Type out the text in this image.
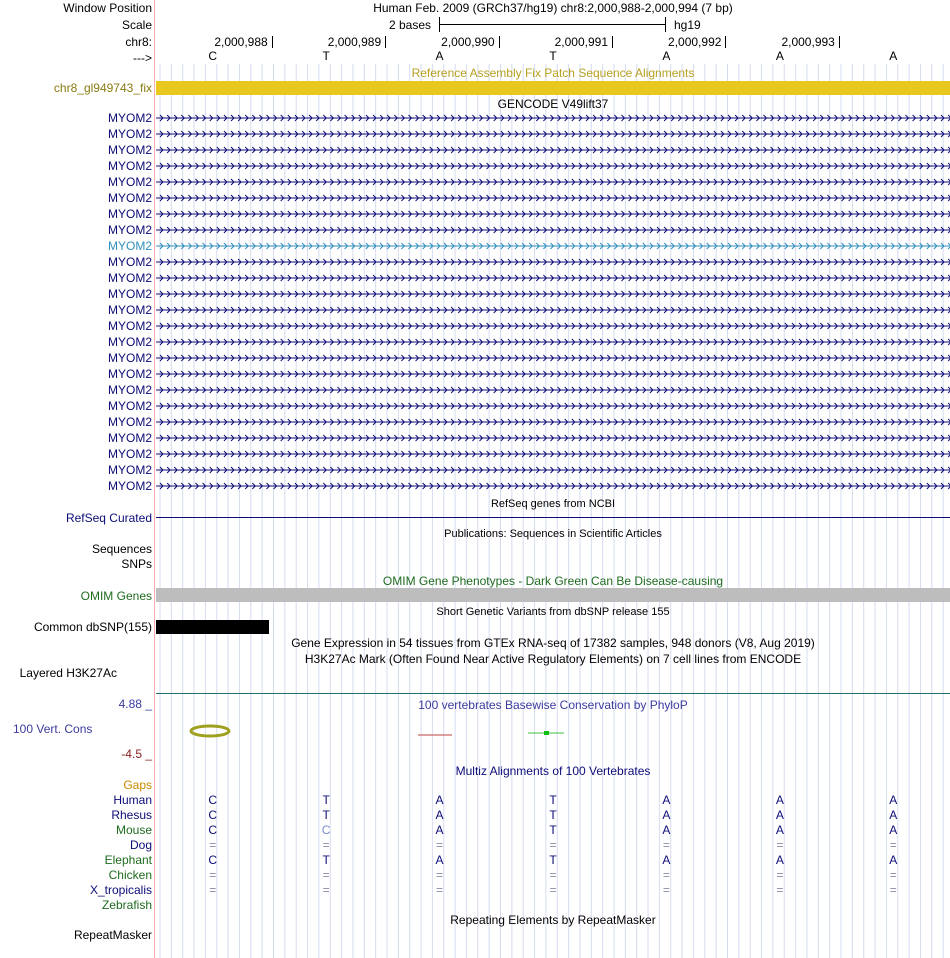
Window Position	Human Feb. 2009 (GRCh37/hg19) chr8:2,000,988-2,000,994 (7 bp)
Scale	2 bases	hg19
chr8:
--->
2,000,988	2,000,989	2,000,990	2,000,991	2,000,992	2,000,993
C	T	A	T	A	A	A
Reference Assembly Fix Patch Sequence Alignments
chr8_gl949743_fix
GENCODE V49lift37
MYOM2
MYOM2
MYOM2
MYOM2
MYOM2
MYOM2
MYOM2
MYOM2
MYOM2
MYOM2
MYOM2
MYOM2
MYOM2
MYOM2
MYOM2
MYOM2
MYOM2
MYOM2
MYOM2
MYOM2
MYOM2
MYOM2
MYOM2
MYOM2
RefSeq genes from NCBI
RefSeq Curated
Publications: Sequences in Scientific Articles
Sequences
SNPs
OMIM Gene Phenotypes - Dark Green Can Be Disease-causing
OMIM Genes
Short Genetic Variants from dbSNP release 155
Common dbSNP(155)
Gene Expression in 54 tissues from GTEx RNA-seq of 17382 samples, 948 donors (V8, Aug 2019)
H3K27Ac Mark (Often Found Near Active Regulatory Elements) on 7 cell lines from ENCODE
Layered H3K27Ac
100 vertebrates Basewise Conservation by PhyloP
4.88 _
100 Vert. Cons
-4.5 _
Multiz Alignments of 100 Vertebrates
Gaps
Human	C	T	A	T	A	A	A
Rhesus	C	T	A	T	A	A	A
Mouse	C	C	A	T	A	A	A
Dog	=	=	=	=	=	=	=
Elephant	C	T	A	T	A	A	A
Chicken	=	=	=	=	=	=	=
X_tropicalis	=	=	=	=	=	=	=
Zebrafish
Repeating Elements by RepeatMasker
RepeatMasker
